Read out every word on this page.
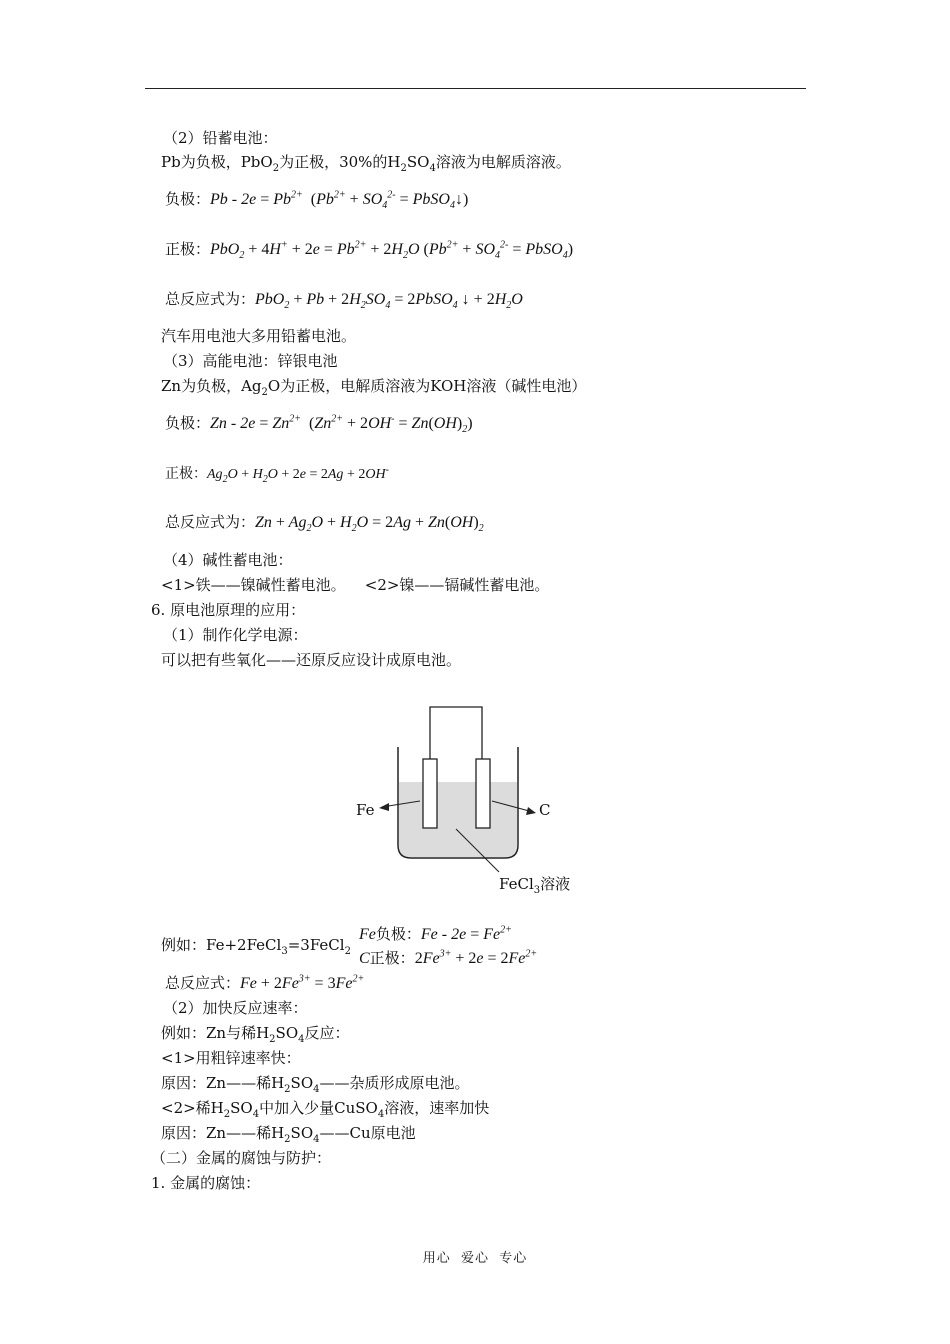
（2）铅蓄电池：
Pb为负极，PbO$_2$为正极，30%的$H_2SO_4$溶液为电解质溶液。
负极：$Pb - 2e = Pb^{2+}$ ($Pb^{2+} + SO_4^{2-}$ = PbSO$_4$↓)
正极：$PbO_2 + 4H^+ + 2e = Pb^{2+} + 2H_2O$ ($Pb^{2+} + SO_4^{2-}$ = PbSO$_4$)
总反应式为：$PbO_2 + Pb + 2H_2SO_4$ = 2PbSO$_4$ ↓ + $2H_2O$
汽车用电池大多用铅蓄电池。
（3）高能电池：锌银电池
Zn为负极，$Ag_2O$为正极，电解质溶液为KOH溶液（碱性电池）
负极：$Zn - 2e = Zn^{2+}$ $(Zn^{2+} + 2OH^- = Zn(OH)_2)$
正极：$Ag_2O + H_2O + 2e = 2Ag + 2OH^-$
总反应式为：$Zn + Ag_2O + H_2O = 2Ag + Zn(OH)_2$
（4）碱性蓄电池：
<1>铁——镍碱性蓄电池。    <2>镍——镉碱性蓄电池。
6. 原电池原理的应用：
（1）制作化学电源：
可以把有些氧化——还原反应设计成原电池。
Fe	C
FeCl$_3$溶液
例如：Fe+2FeCl$_3$=3FeCl$_2$
Fe负极：$Fe - 2e = Fe^{2+}$
C正极：$2Fe^{3+} + 2e = 2Fe^{2+}$
总反应式：$Fe + 2Fe^{3+} = 3Fe^{2+}$
（2）加快反应速率：
例如：Zn与稀$H_2SO_4$反应：
<1>用粗锌速率快：
原因：Zn——稀$H_2SO_4——$杂质形成原电池。
<2>稀$H_2SO_4$中加入少量CuSO$_4$溶液，速率加快
原因：Zn——稀$H_2SO_4——Cu$原电池
（二）金属的腐蚀与防护：
1. 金属的腐蚀：
用心  爱心  专心
